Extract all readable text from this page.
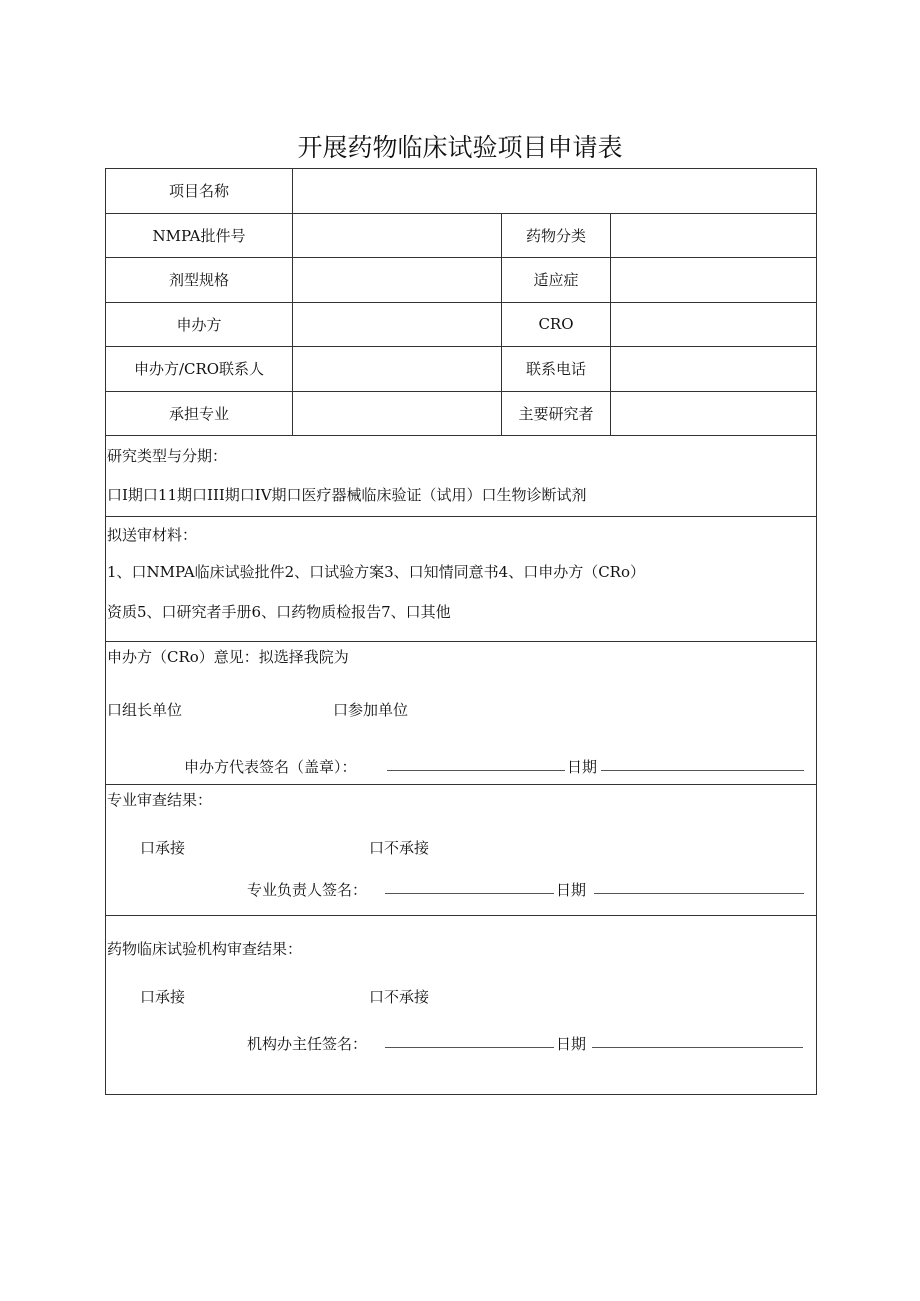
开展药物临床试验项目申请表
项目名称			
NMPA批件号		药物分类	
剂型规格		适应症	
申办方		CRO	
申办方/CRO联系人		联系电话	
承担专业		主要研究者	

研究类型与分期：
口I期口11期口III期口IV期口医疗器械临床验证（试用）口生物诊断试剂			

拟送审材料：
1、口NMPA临床试验批件2、口试验方案3、口知情同意书4、口申办方（CRo）
资质5、口研究者手册6、口药物质检报告7、口其他			

申办方（CRo）意见：拟选择我院为
口组长单位 口参加单位
申办方代表签名（盖章）： 日期			

专业审查结果：
口承接 口不承接
专业负责人签名： 日期			

药物临床试验机构审查结果：
口承接 口不承接
机构办主任签名： 日期			
